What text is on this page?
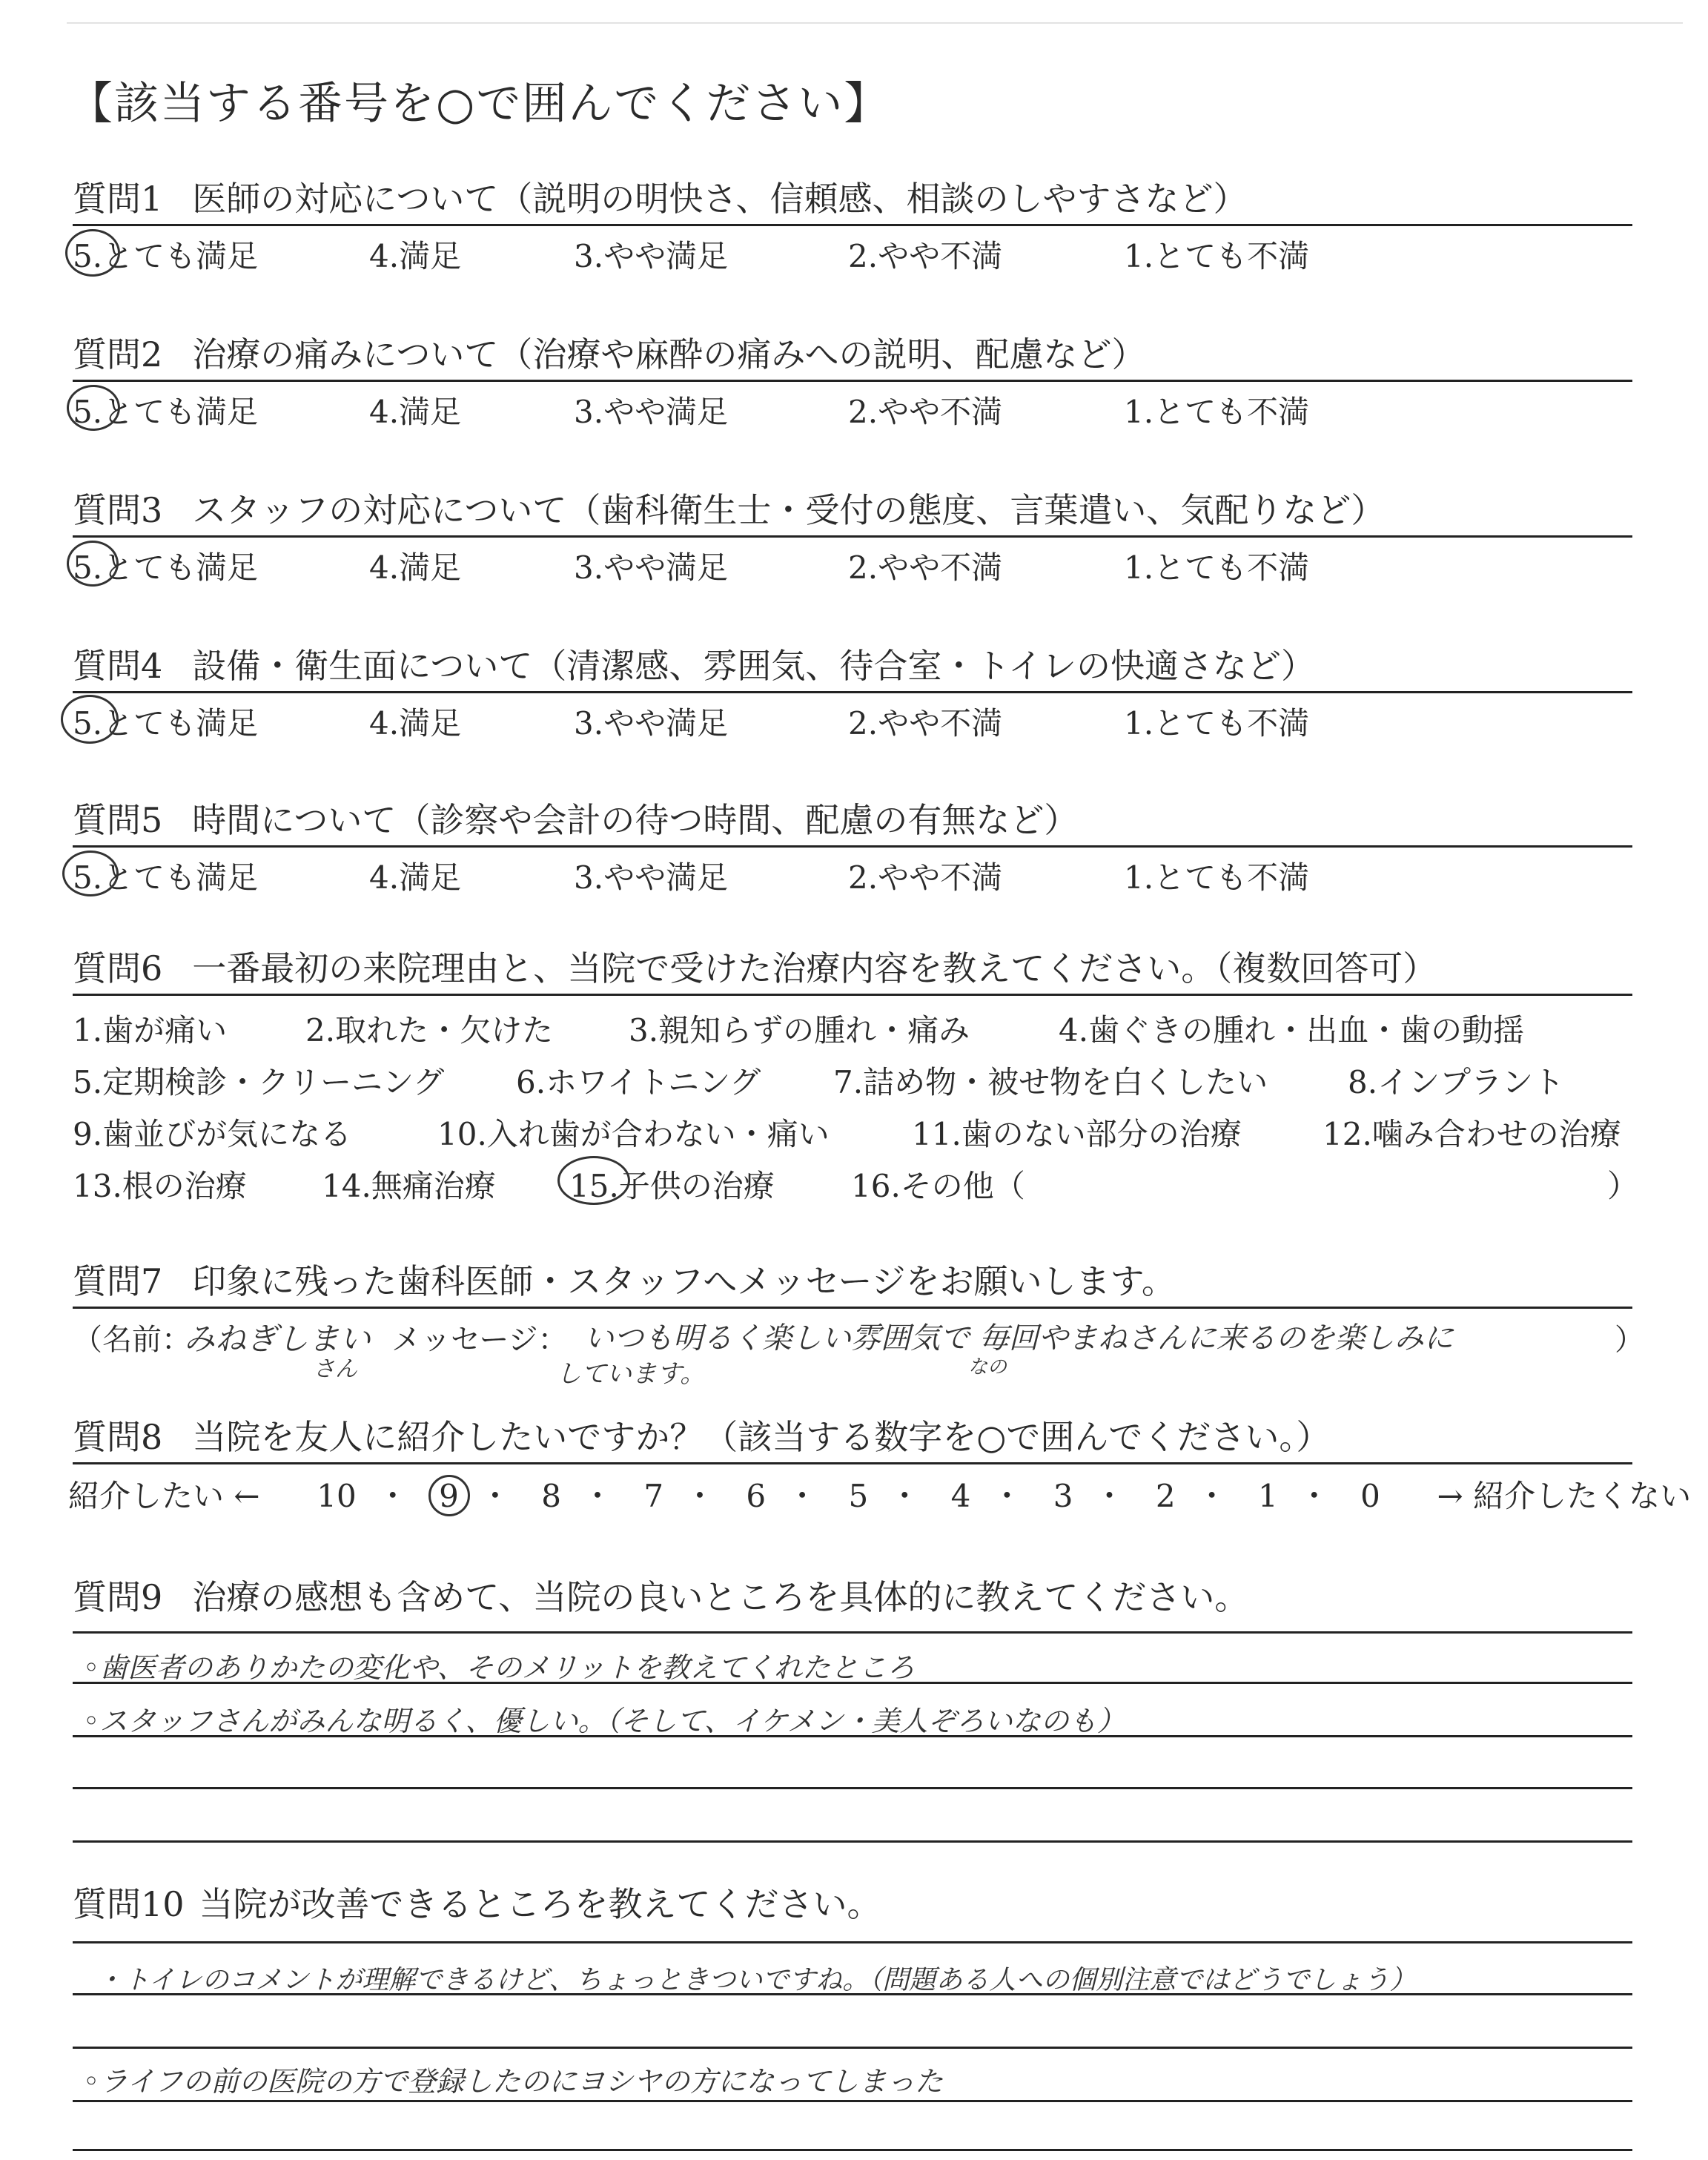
【該当する番号を○で囲んでください】
質問1 医師の対応について（説明の明快さ、信頼感、相談のしやすさなど）
5.とても満足	4.満足	3.やや満足	2.やや不満	1.とても不満
質問2 治療の痛みについて（治療や麻酔の痛みへの説明、配慮など）
5.とても満足	4.満足	3.やや満足	2.やや不満	1.とても不満
質問3 スタッフの対応について（歯科衛生士・受付の態度、言葉遣い、気配りなど）
5.とても満足	4.満足	3.やや満足	2.やや不満	1.とても不満
質問4 設備・衛生面について（清潔感、雰囲気、待合室・トイレの快適さなど）
5.とても満足	4.満足	3.やや満足	2.やや不満	1.とても不満
質問5 時間について（診察や会計の待つ時間、配慮の有無など）
5.とても満足	4.満足	3.やや満足	2.やや不満	1.とても不満
質問6 一番最初の来院理由と、当院で受けた治療内容を教えてください。（複数回答可）
1.歯が痛い	2.取れた・欠けた 3.親知らずの腫れ・痛み	4.歯ぐきの腫れ・出血・歯の動揺
5.定期検診・クリーニング 6.ホワイトニング 7.詰め物・被せ物を白くしたい	8.インプラント
9.歯並びが気になる	10.入れ歯が合わない・痛い	11.歯のない部分の治療	12.噛み合わせの治療
13.根の治療 14.無痛治療 15.子供の治療 16.その他（	）
質問7 印象に残った歯科医師・スタッフへメッセージをお願いします。
（名前：
みねぎしまい
さん
メッセージ： いつも明るく楽しい雰囲気で 毎回やまねさんに来るのを楽しみに
なの
しています。
）
質問8 当院を友人に紹介したいですか？（該当する数字を○で囲んでください。）
紹介したい ← 10 ・ 9 ・ 8 ・ 7 ・ 6 ・ 5 ・ 4 ・ 3 ・ 2 ・ 1 ・ 0 → 紹介したくない
質問9 治療の感想も含めて、当院の良いところを具体的に教えてください。
◦歯医者のありかたの変化や、そのメリットを教えてくれたところ
◦スタッフさんがみんな明るく、優しい。（そして、イケメン・美人ぞろいなのも）
質問10 当院が改善できるところを教えてください。
・トイレのコメントが理解できるけど、ちょっときついですね。（問題ある人への個別注意ではどうでしょう）
◦ライフの前の医院の方で登録したのにヨシヤの方になってしまった
